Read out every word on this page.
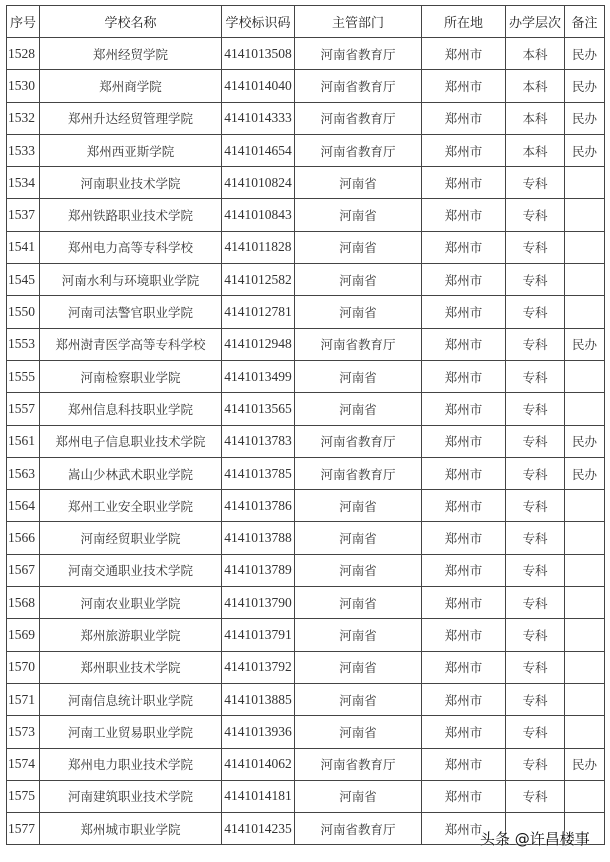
序号	学校名称	学校标识码	主管部门	所在地	办学层次	备注
1528	郑州经贸学院	4141013508	河南省教育厅	郑州市	本科	民办
1530	郑州商学院	4141014040	河南省教育厅	郑州市	本科	民办
1532	郑州升达经贸管理学院	4141014333	河南省教育厅	郑州市	本科	民办
1533	郑州西亚斯学院	4141014654	河南省教育厅	郑州市	本科	民办
1534	河南职业技术学院	4141010824	河南省	郑州市	专科	
1537	郑州铁路职业技术学院	4141010843	河南省	郑州市	专科	
1541	郑州电力高等专科学校	4141011828	河南省	郑州市	专科	
1545	河南水利与环境职业学院	4141012582	河南省	郑州市	专科	
1550	河南司法警官职业学院	4141012781	河南省	郑州市	专科	
1553	郑州澍青医学高等专科学校	4141012948	河南省教育厅	郑州市	专科	民办
1555	河南检察职业学院	4141013499	河南省	郑州市	专科	
1557	郑州信息科技职业学院	4141013565	河南省	郑州市	专科	
1561	郑州电子信息职业技术学院	4141013783	河南省教育厅	郑州市	专科	民办
1563	嵩山少林武术职业学院	4141013785	河南省教育厅	郑州市	专科	民办
1564	郑州工业安全职业学院	4141013786	河南省	郑州市	专科	
1566	河南经贸职业学院	4141013788	河南省	郑州市	专科	
1567	河南交通职业技术学院	4141013789	河南省	郑州市	专科	
1568	河南农业职业学院	4141013790	河南省	郑州市	专科	
1569	郑州旅游职业学院	4141013791	河南省	郑州市	专科	
1570	郑州职业技术学院	4141013792	河南省	郑州市	专科	
1571	河南信息统计职业学院	4141013885	河南省	郑州市	专科	
1573	河南工业贸易职业学院	4141013936	河南省	郑州市	专科	
1574	郑州电力职业技术学院	4141014062	河南省教育厅	郑州市	专科	民办
1575	河南建筑职业技术学院	4141014181	河南省	郑州市	专科	
1577	郑州城市职业学院	4141014235	河南省教育厅	郑州市		
头条 @许昌楼事
